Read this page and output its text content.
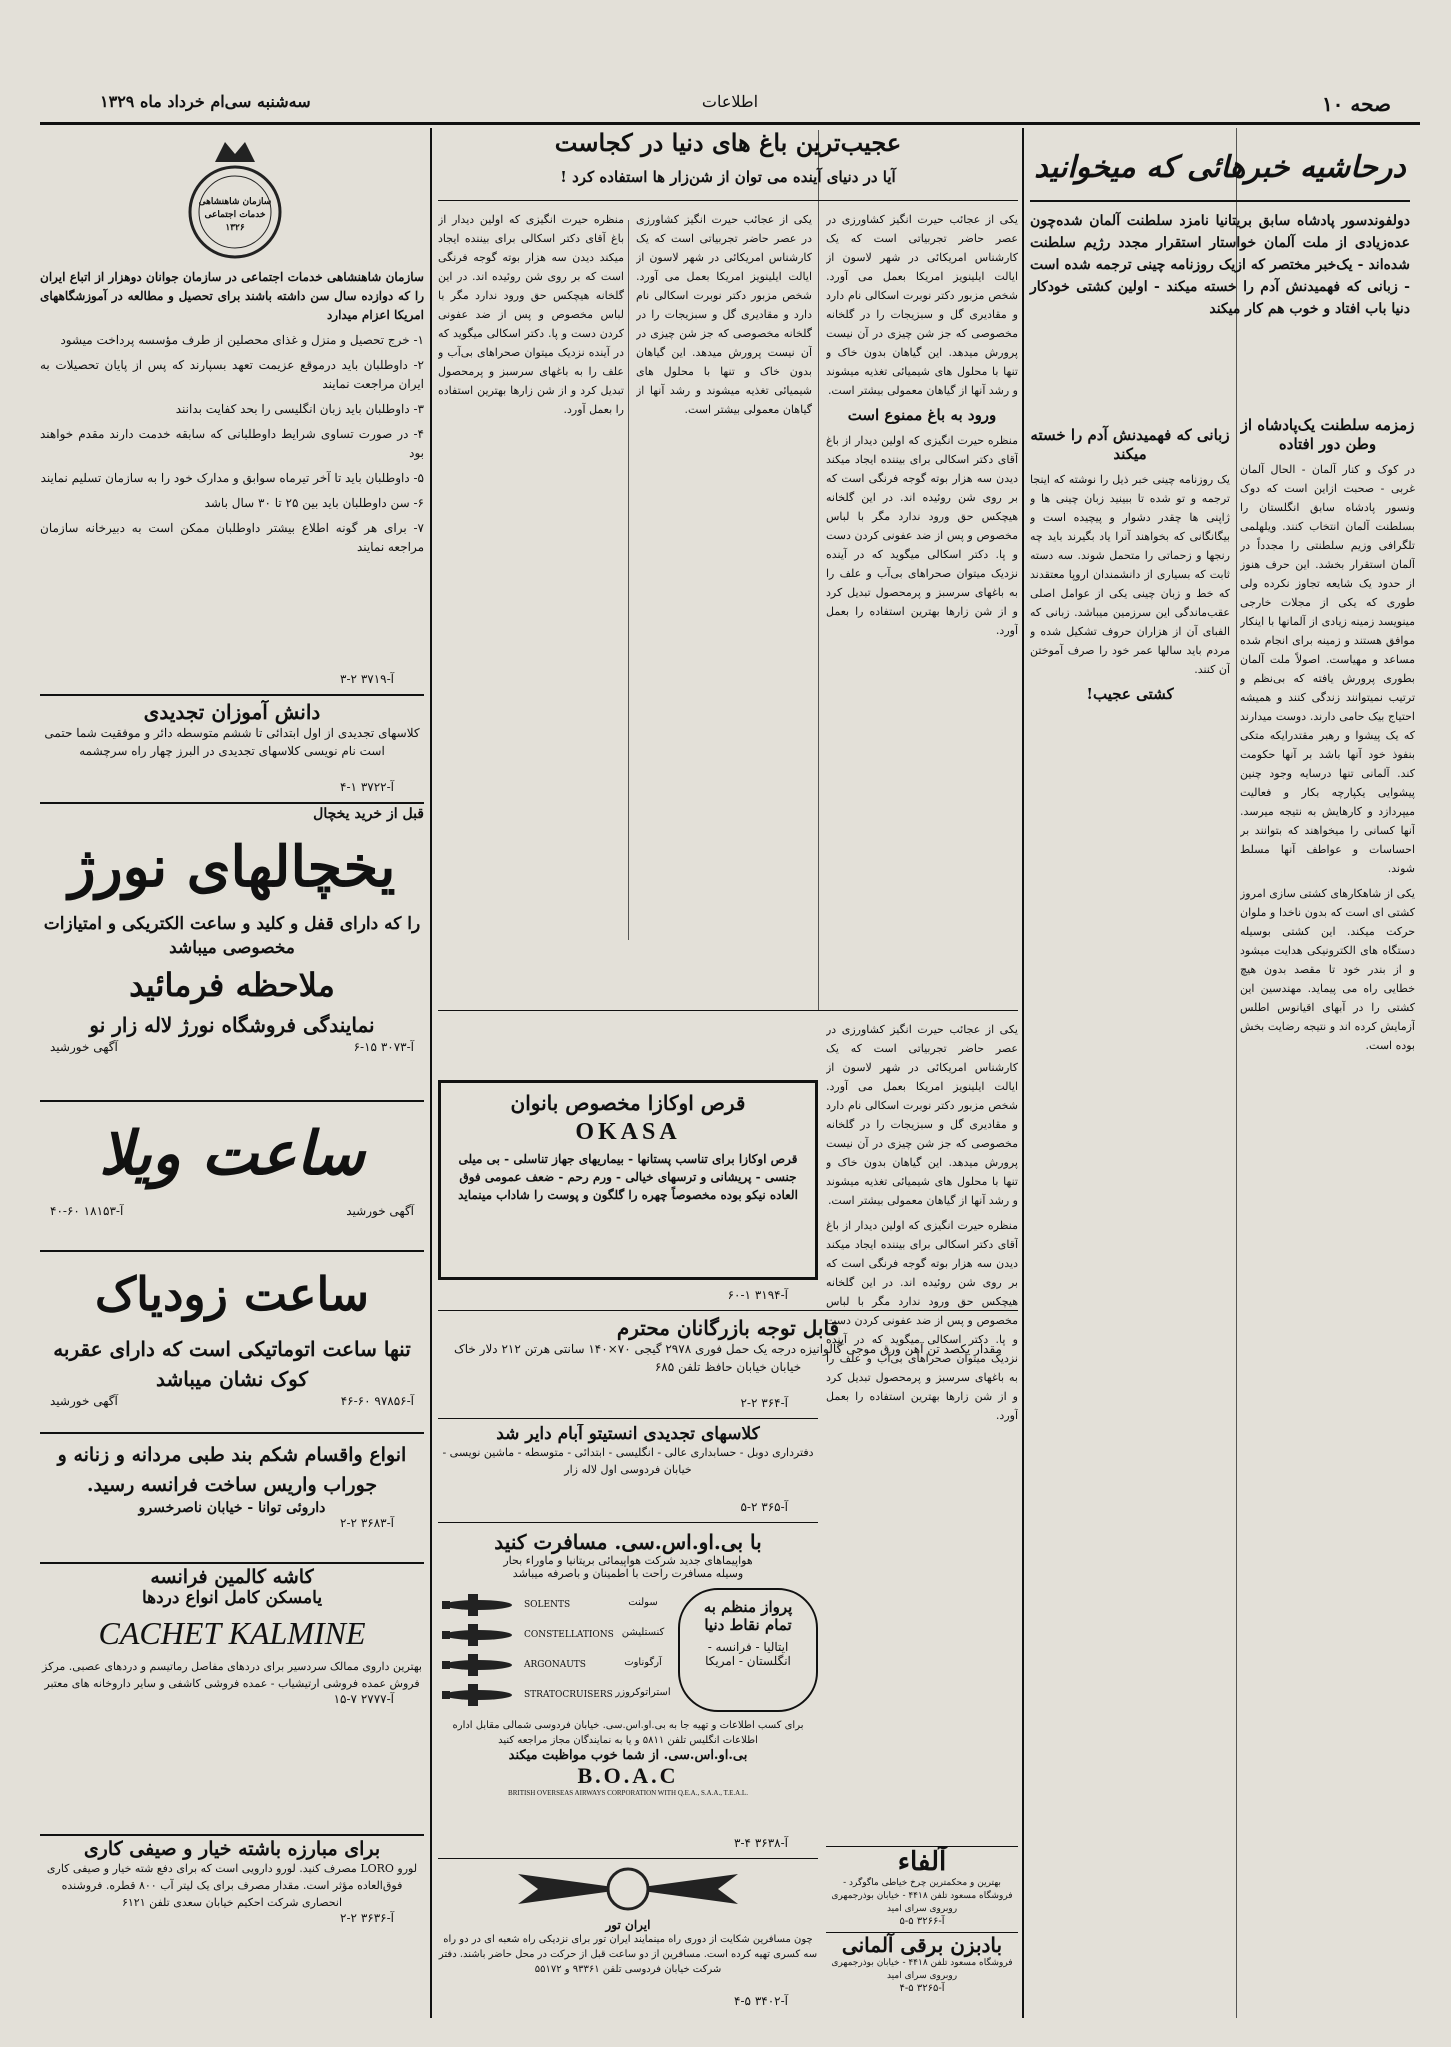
صحه ۱۰
اطلاعات
سه‌شنبه سی‌ام خرداد ماه ۱۳۲۹
درحاشیه خبرهائی که میخوانید
دولفوندسور پادشاه سابق بریتانیا نامزد سلطنت آلمان شده‌چون عده‌زیادی از ملت آلمان خواستار استقرار مجدد رژیم سلطنت شده‌اند - یک‌خبر مختصر که ازیک روزنامه چینی ترجمه شده است - زبانی که فهمیدنش آدم را خسته میکند - اولین کشتی خودکار دنیا باب افتاد و خوب هم کار میکند
زمزمه سلطنت یک‌پادشاه از وطن دور افتاده

در کوک و کنار آلمان - الحال آلمان غربی - صحبت ازاین است که دوک ونسور پادشاه سابق انگلستان را بسلطنت آلمان انتخاب کنند. ویلهلمی تلگرافی وزیم سلطنتی را مجدداً در آلمان استقرار بخشد. این حرف هنوز از حدود یک شایعه تجاوز نکرده ولی طوری که یکی از مجلات خارجی مینویسد زمینه زیادی از آلمانها با اینکار موافق هستند و زمینه برای انجام شده مساعد و مهیاست. اصولاً ملت آلمان بطوری پرورش یافته که بی‌نظم و ترتیب نمیتوانند زندگی کنند و همیشه احتیاج بیک حامی دارند. دوست میدارند که یک پیشوا و رهبر مقتدرایکه متکی بنفوذ خود آنها باشد بر آنها حکومت کند. آلمانی تنها درسایه وجود چنین پیشوایی یکپارچه بکار و فعالیت میپردازد و کارهایش به نتیجه میرسد. آنها کسانی را میخواهند که بتوانند بر احساسات و عواطف آنها مسلط شوند.

یکی از شاهکارهای کشتی سازی امروز کشتی ای است که بدون ناخدا و ملوان حرکت میکند. این کشتی بوسیله دستگاه های الکترونیکی هدایت میشود و از بندر خود تا مقصد بدون هیچ خطایی راه می پیماید. مهندسین این کشتی را در آبهای اقیانوس اطلس آزمایش کرده اند و نتیجه رضایت بخش بوده است.

زبانی که فهمیدنش آدم را خسته میکند

یک روزنامه چینی خبر ذیل را نوشته که اینجا ترجمه و تو شده تا ببینید زبان چینی ها و ژاپنی ها چقدر دشوار و پیچیده است و بیگانگانی که بخواهند آنرا یاد بگیرند باید چه رنجها و زحماتی را متحمل شوند. سه دسته ثابت که بسیاری از دانشمندان اروپا معتقدند که خط و زبان چینی یکی از عوامل اصلی عقب‌ماندگی این سرزمین میباشد. زبانی که الفبای آن از هزاران حروف تشکیل شده و مردم باید سالها عمر خود را صرف آموختن آن کنند.

کشتی عجیب!
عجیب‌ترین باغ های دنیا در کجاست
آیا در دنیای آینده می توان از شن‌زار ها استفاده کرد !

یکی از عجائب حیرت انگیز کشاورزی در عصر حاضر تجربیاتی است که یک کارشناس امریکائی در شهر لاسون از ایالت ایلینویز امریکا بعمل می آورد. شخص مزبور دکتر نوبرت اسکالی نام دارد و مقادیری گل و سبزیجات را در گلخانه مخصوصی که جز شن چیزی در آن نیست پرورش میدهد. این گیاهان بدون خاک و تنها با محلول های شیمیائی تغذیه میشوند و رشد آنها از گیاهان معمولی بیشتر است.

ورود به باغ ممنوع است

منظره حیرت انگیزی که اولین دیدار از باغ آقای دکتر اسکالی برای بیننده ایجاد میکند دیدن سه هزار بوته گوجه فرنگی است که بر روی شن روئیده اند. در این گلخانه هیچکس حق ورود ندارد مگر با لباس مخصوص و پس از ضد عفونی کردن دست و پا. دکتر اسکالی میگوید که در آینده نزدیک میتوان صحراهای بی‌آب و علف را به باغهای سرسبز و پرمحصول تبدیل کرد و از شن زارها بهترین استفاده را بعمل آورد.

یکی از عجائب حیرت انگیز کشاورزی در عصر حاضر تجربیاتی است که یک کارشناس امریکائی در شهر لاسون از ایالت ایلینویز امریکا بعمل می آورد. شخص مزبور دکتر نوبرت اسکالی نام دارد و مقادیری گل و سبزیجات را در گلخانه مخصوصی که جز شن چیزی در آن نیست پرورش میدهد. این گیاهان بدون خاک و تنها با محلول های شیمیائی تغذیه میشوند و رشد آنها از گیاهان معمولی بیشتر است.

منظره حیرت انگیزی که اولین دیدار از باغ آقای دکتر اسکالی برای بیننده ایجاد میکند دیدن سه هزار بوته گوجه فرنگی است که بر روی شن روئیده اند. در این گلخانه هیچکس حق ورود ندارد مگر با لباس مخصوص و پس از ضد عفونی کردن دست و پا. دکتر اسکالی میگوید که در آینده نزدیک میتوان صحراهای بی‌آب و علف را به باغهای سرسبز و پرمحصول تبدیل کرد و از شن زارها بهترین استفاده را بعمل آورد.

قرص اوکازا مخصوص بانوان
OKASA
قرص اوکازا برای تناسب پستانها - بیماریهای جهاز تناسلی - بی میلی جنسی - پریشانی و ترسهای خیالی - ورم رحم - ضعف عمومی فوق العاده نیکو بوده مخصوصاً چهره را گلگون و پوست را شاداب مینماید
آ-۳۱۹۴ ۱-۶۰
قابل توجه بازرگانان محترم
مقدار یکصد تن آهن ورق موجی گالوانیزه درجه یک حمل فوری ۲۹۷۸ گیجی ۷۰×۱۴۰ سانتی هرتن ۲۱۲ دلار خاک خیابان خیابان حافظ تلفن ۶۸۵
آ-۳۶۴ ۲-۲
کلاسهای تجدیدی انستیتو آبام دایر شد
دفترداری دوبل - حسابداری عالی - انگلیسی - ابتدائی - متوسطه - ماشین نویسی - خیابان فردوسی اول لاله زار
آ-۳۶۵ ۲-۵
با بی.او.اس.سی. مسافرت کنید
هواپیماهای جدید شرکت هواپیمائی بریتانیا و ماوراء بحار
وسیله مسافرت راحت با اطمینان و باصرفه میباشد
SOLENTS
CONSTELLATIONS
ARGONAUTS
STRATOCRUISERS
سولنت
کنستلیشن
آرگوناوت
استراتوکروزر
پرواز منظم به تمام نقاط دنیا
ایتالیا - فرانسه - انگلستان - امریکا
برای کسب اطلاعات و تهیه جا به بی.او.اس.سی. خیابان فردوسی شمالی مقابل اداره اطلاعات انگلیس تلفن ۵۸۱۱ و یا به نمایندگان مجاز مراجعه کنید
بی.او.اس.سی. از شما خوب مواظبت میکند
B.O.A.C
BRITISH OVERSEAS AIRWAYS CORPORATION WITH Q.E.A., S.A.A., T.E.A.L.
آ-۳۶۳۸ ۴-۳
ایران تور
چون مسافرین شکایت از دوری راه مینمایند ایران تور برای نزدیکی راه شعبه ای در دو راه سه کسری تهیه کرده است. مسافرین از دو ساعت قبل از حرکت در محل حاضر باشند. دفتر شرکت خیابان فردوسی تلفن ۹۳۳۶۱ و ۵۵۱۷۲
آ-۳۴۰۲ ۵-۴

یکی از عجائب حیرت انگیز کشاورزی در عصر حاضر تجربیاتی است که یک کارشناس امریکائی در شهر لاسون از ایالت ایلینویز امریکا بعمل می آورد. شخص مزبور دکتر نوبرت اسکالی نام دارد و مقادیری گل و سبزیجات را در گلخانه مخصوصی که جز شن چیزی در آن نیست پرورش میدهد. این گیاهان بدون خاک و تنها با محلول های شیمیائی تغذیه میشوند و رشد آنها از گیاهان معمولی بیشتر است.

منظره حیرت انگیزی که اولین دیدار از باغ آقای دکتر اسکالی برای بیننده ایجاد میکند دیدن سه هزار بوته گوجه فرنگی است که بر روی شن روئیده اند. در این گلخانه هیچکس حق ورود ندارد مگر با لباس مخصوص و پس از ضد عفونی کردن دست و پا. دکتر اسکالی میگوید که در آینده نزدیک میتوان صحراهای بی‌آب و علف را به باغهای سرسبز و پرمحصول تبدیل کرد و از شن زارها بهترین استفاده را بعمل آورد.

آلفاء
بهترین و محکمترین چرخ خیاطی ماگوگرد - فروشگاه مسعود تلفن ۴۴۱۸ - خیابان بوذرجمهری روبروی سرای امید
آ-۳۲۶۶ ۵-۵
بادبزن برقی آلمانی
فروشگاه مسعود تلفن ۴۴۱۸ - خیابان بوذرجمهری روبروی سرای امید
آ-۳۲۶۵ ۵-۴
سازمان شاهنشاهی خدمات اجتماعی ۱۳۲۶

سازمان شاهنشاهی خدمات اجتماعی در سازمان جوانان دوهزار از اتباع ایران را که دوازده سال سن داشته باشند برای تحصیل و مطالعه در آموزشگاههای امریکا اعزام میدارد

۱- خرج تحصیل و منزل و غذای محصلین از طرف مؤسسه پرداخت میشود

۲- داوطلبان باید درموقع عزیمت تعهد بسپارند که پس از پایان تحصیلات به ایران مراجعت نمایند

۳- داوطلبان باید زبان انگلیسی را بحد کفایت بدانند

۴- در صورت تساوی شرایط داوطلبانی که سابقه خدمت دارند مقدم خواهند بود

۵- داوطلبان باید تا آخر تیرماه سوابق و مدارک خود را به سازمان تسلیم نمایند

۶- سن داوطلبان باید بین ۲۵ تا ۳۰ سال باشد

۷- برای هر گونه اطلاع بیشتر داوطلبان ممکن است به دبیرخانه سازمان مراجعه نمایند

آ-۳۷۱۹ ۲-۳
دانش آموزان تجدیدی
کلاسهای تجدیدی از اول ابتدائی تا ششم متوسطه دائر و موفقیت شما حتمی است نام نویسی کلاسهای تجدیدی در البرز چهار راه سرچشمه
آ-۳۷۲۲ ۱-۴
قبل از خرید یخچال
یخچالهای نورژ
را که دارای قفل و کلید و ساعت الکتریکی و امتیازات مخصوصی میباشد
ملاحظه فرمائید
نمایندگی فروشگاه نورژ لاله زار نو
آ-۳۰۷۳ ۱۵-۶
آگهی خورشید
ساعت ویلا
آگهی خورشید
آ-۱۸۱۵۳ ۶۰-۴۰
ساعت زودیاک
تنها ساعت اتوماتیکی است که دارای عقربه کوک نشان میباشد
آ-۹۷۸۵۶ ۶۰-۴۶
آگهی خورشید
انواع واقسام شکم بند طبی مردانه و زنانه و جوراب واریس ساخت فرانسه رسید.
داروئی توانا - خیابان ناصرخسرو
آ-۳۶۸۳ ۲-۲
کاشه کالمین فرانسه
یامسکن کامل انواع دردها
CACHET KALMINE
بهترین داروی ممالک سردسیر برای دردهای مفاصل رماتیسم و دردهای عصبی. مرکز فروش عمده فروشی ارتیشیاب - عمده فروشی کاشفی و سایر داروخانه های معتبر
آ-۲۷۷۷ ۷-۱۵
برای مبارزه باشته خیار و صیفی کاری
لورو LORO مصرف کنید. لورو دارویی است که برای دفع شته خیار و صیفی کاری فوق‌العاده مؤثر است. مقدار مصرف برای یک لیتر آب ۸۰۰ قطره. فروشنده انحصاری شرکت احکیم خیابان سعدی تلفن ۶۱۲۱
آ-۳۶۳۶ ۲-۲
